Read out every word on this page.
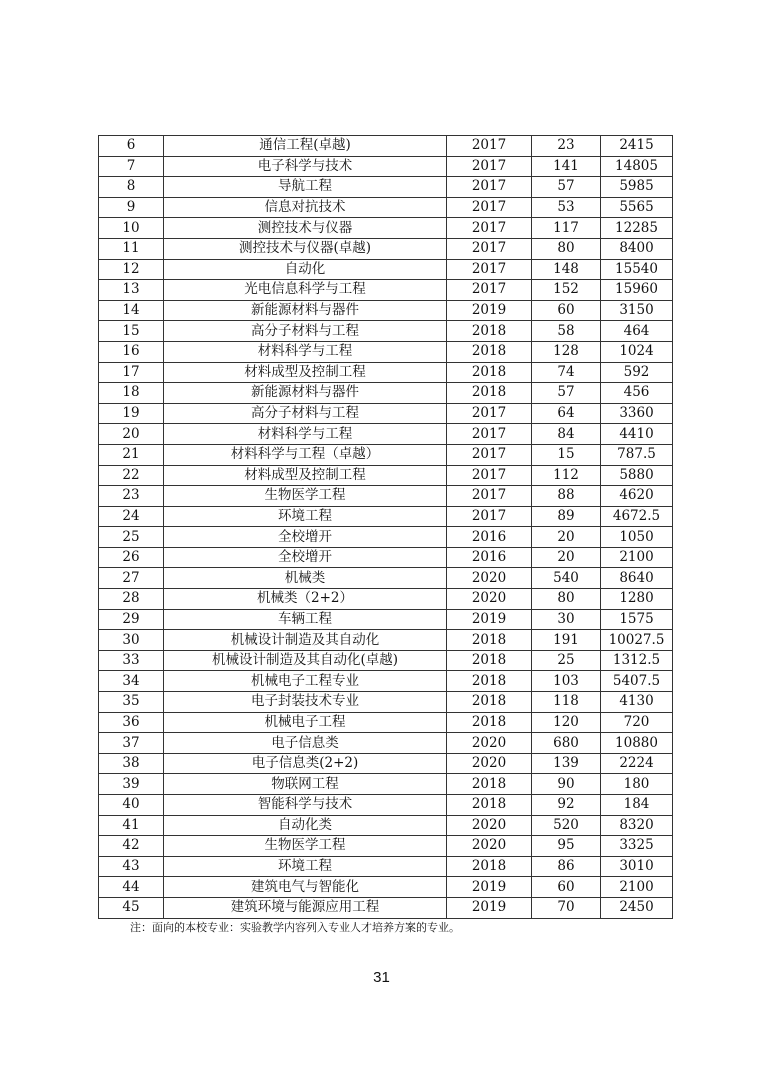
6	通信工程(卓越)	2017	23	2415
7	电子科学与技术	2017	141	14805
8	导航工程	2017	57	5985
9	信息对抗技术	2017	53	5565
10	测控技术与仪器	2017	117	12285
11	测控技术与仪器(卓越)	2017	80	8400
12	自动化	2017	148	15540
13	光电信息科学与工程	2017	152	15960
14	新能源材料与器件	2019	60	3150
15	高分子材料与工程	2018	58	464
16	材料科学与工程	2018	128	1024
17	材料成型及控制工程	2018	74	592
18	新能源材料与器件	2018	57	456
19	高分子材料与工程	2017	64	3360
20	材料科学与工程	2017	84	4410
21	材料科学与工程（卓越）	2017	15	787.5
22	材料成型及控制工程	2017	112	5880
23	生物医学工程	2017	88	4620
24	环境工程	2017	89	4672.5
25	全校增开	2016	20	1050
26	全校增开	2016	20	2100
27	机械类	2020	540	8640
28	机械类（2+2）	2020	80	1280
29	车辆工程	2019	30	1575
30	机械设计制造及其自动化	2018	191	10027.5
33	机械设计制造及其自动化(卓越)	2018	25	1312.5
34	机械电子工程专业	2018	103	5407.5
35	电子封装技术专业	2018	118	4130
36	机械电子工程	2018	120	720
37	电子信息类	2020	680	10880
38	电子信息类(2+2)	2020	139	2224
39	物联网工程	2018	90	180
40	智能科学与技术	2018	92	184
41	自动化类	2020	520	8320
42	生物医学工程	2020	95	3325
43	环境工程	2018	86	3010
44	建筑电气与智能化	2019	60	2100
45	建筑环境与能源应用工程	2019	70	2450
注：面向的本校专业：实验教学内容列入专业人才培养方案的专业。
31
